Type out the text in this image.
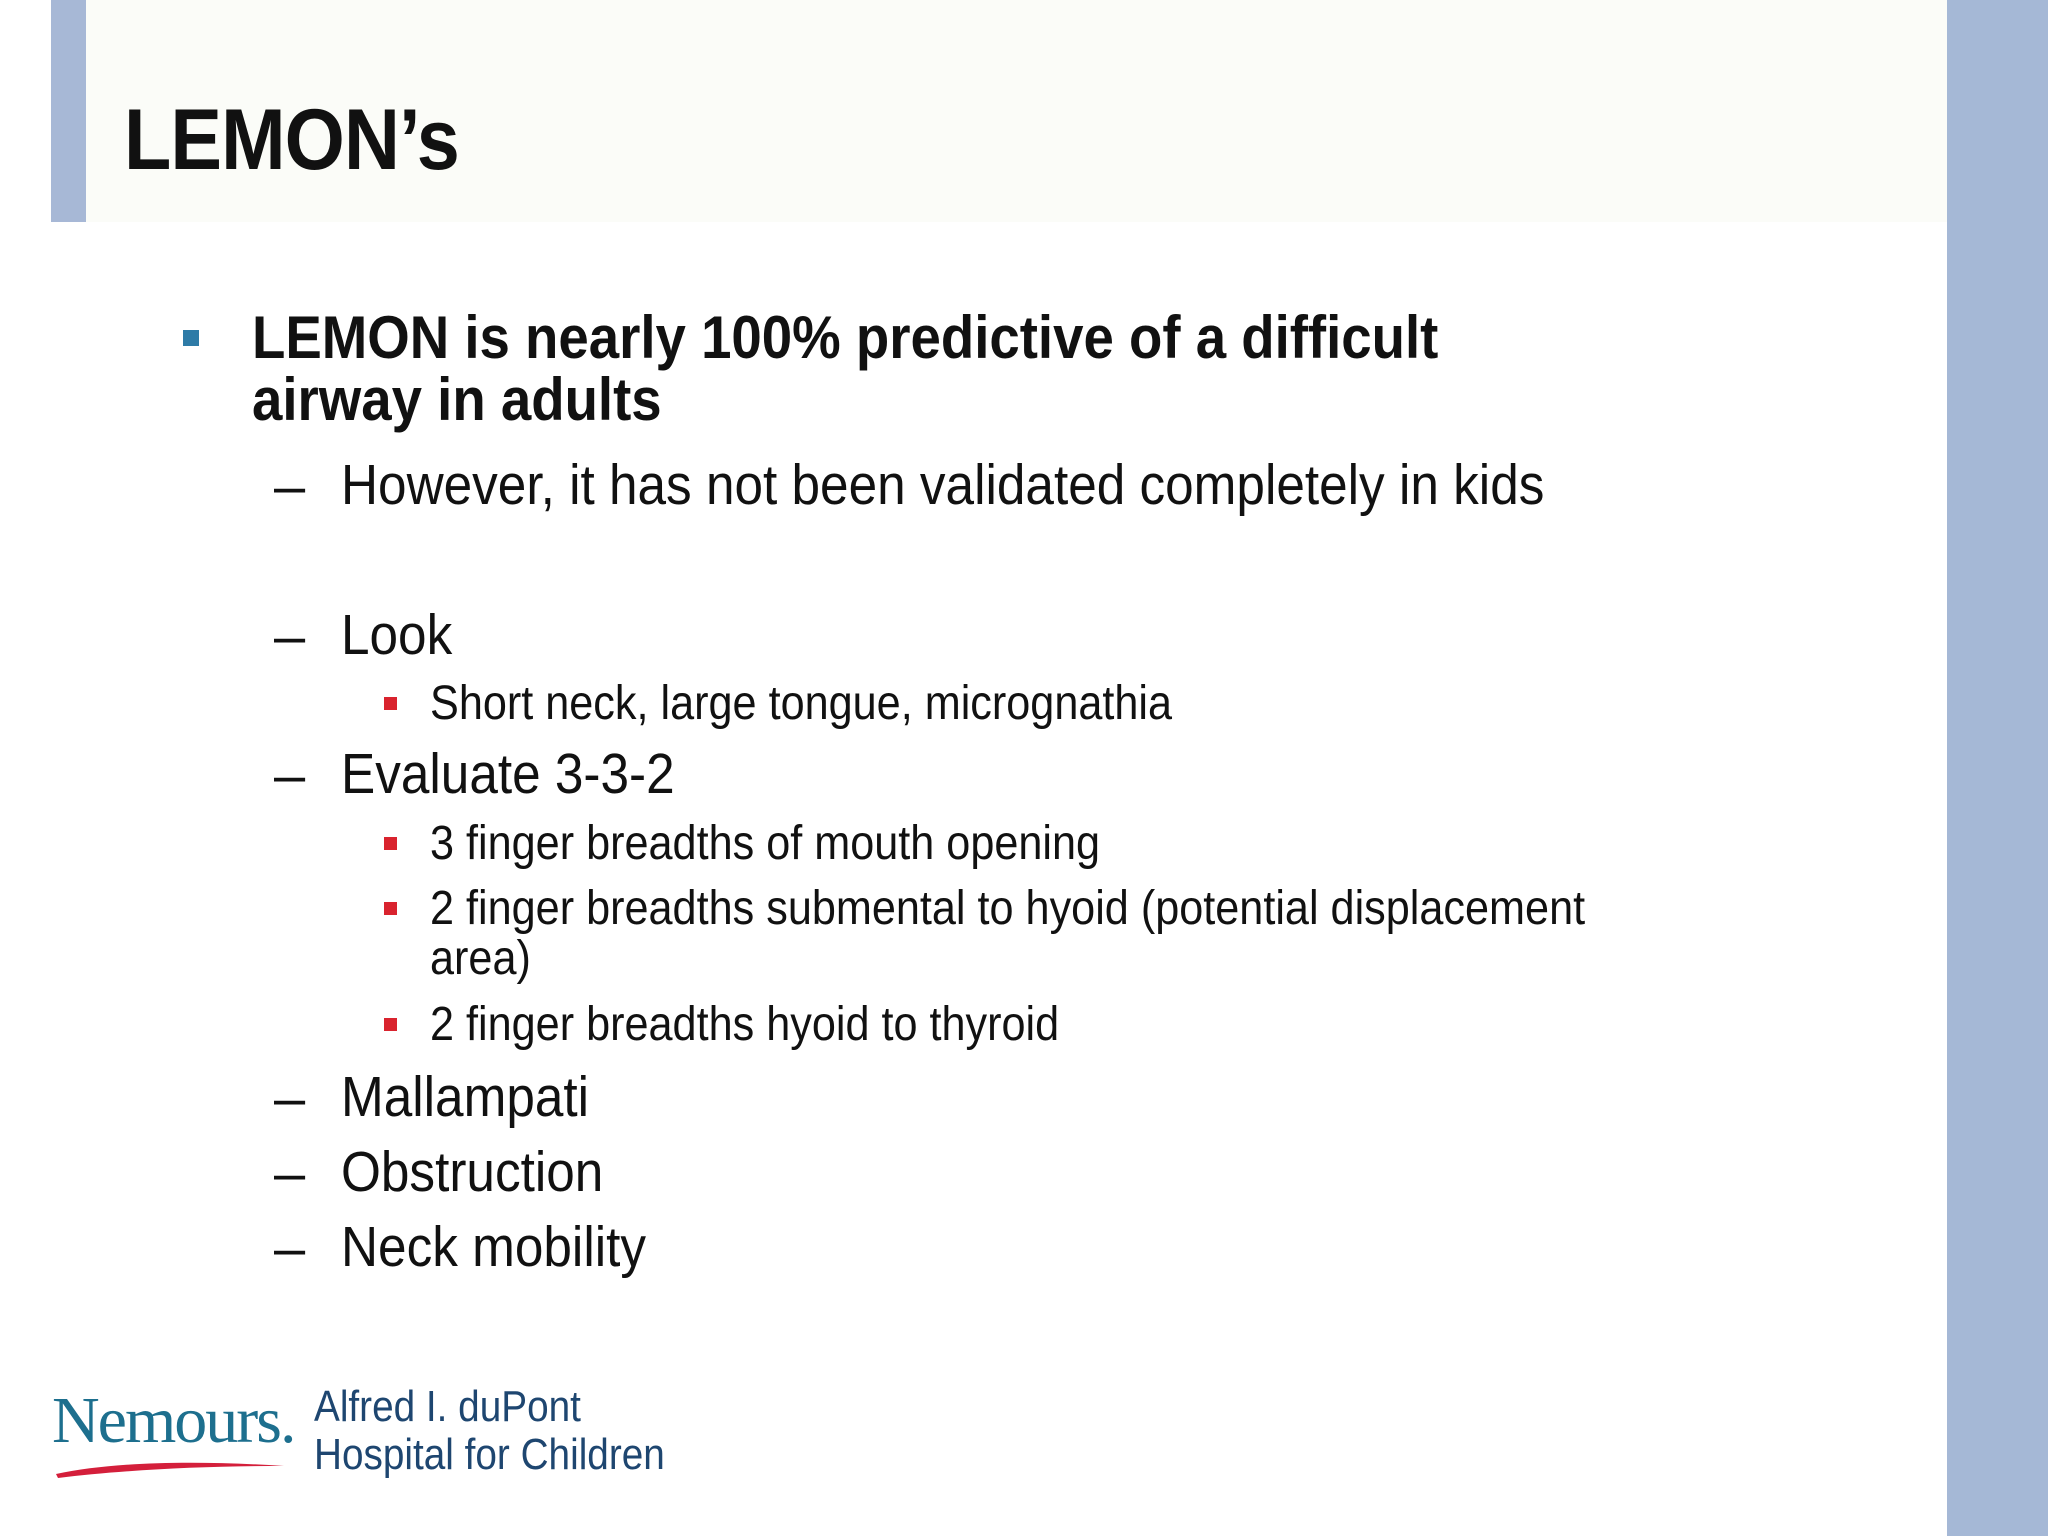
LEMON’s
LEMON is nearly 100% predictive of a difficult airway in adults
– However, it has not been validated completely in kids
– Look
Short neck, large tongue, micrognathia
– Evaluate 3-3-2
3 finger breadths of mouth opening
2 finger breadths submental to hyoid (potential displacement area)
2 finger breadths hyoid to thyroid
– Mallampati
– Obstruction
– Neck mobility
Nemours. Alfred I. duPont
Hospital for Children
